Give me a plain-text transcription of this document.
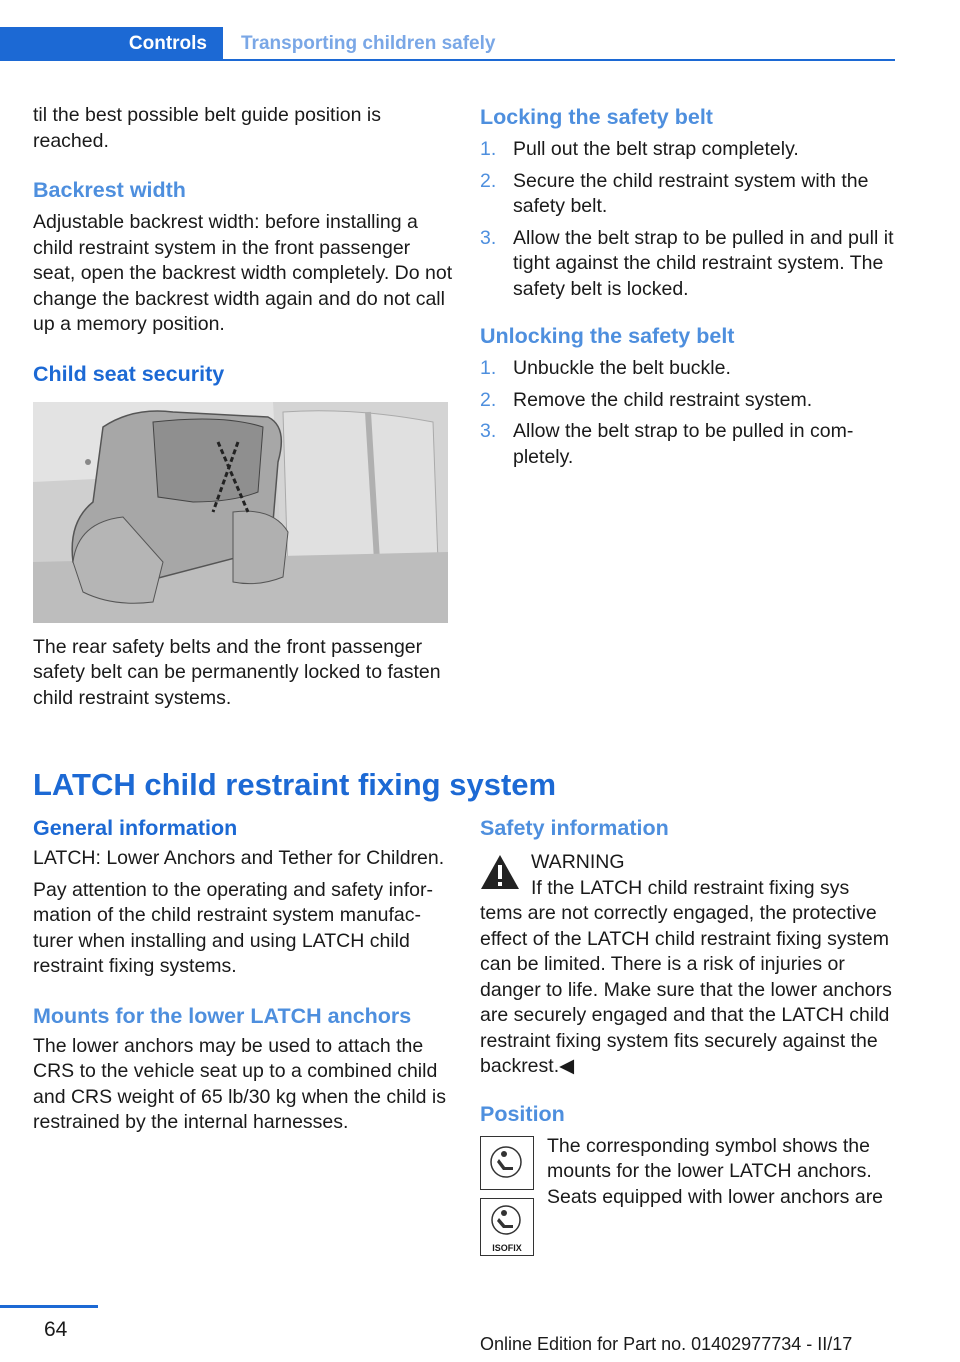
Controls	Transporting children safely

til the best possible belt guide position is reached.

Backrest width

Adjustable backrest width: before installing a child restraint system in the front passenger seat, open the backrest width completely. Do not change the backrest width again and do not call up a memory position.

Child seat security

The rear safety belts and the front passenger safety belt can be permanently locked to fasten child restraint systems.

Locking the safety belt
1. Pull out the belt strap completely.
2. Secure the child restraint system with the safety belt.
3. Allow the belt strap to be pulled in and pull it tight against the child restraint system. The safety belt is locked.
Unlocking the safety belt
1. Unbuckle the belt buckle.
2. Remove the child restraint system.
3. Allow the belt strap to be pulled in completely.
LATCH child restraint fixing system
General information

LATCH: Lower Anchors and Tether for Children.

Pay attention to the operating and safety information of the child restraint system manufacturer when installing and using LATCH child restraint fixing systems.

Mounts for the lower LATCH anchors

The lower anchors may be used to attach the CRS to the vehicle seat up to a combined child and CRS weight of 65 lb/30 kg when the child is restrained by the internal harnesses.

Safety information
WARNING
If the LATCH child restraint fixing sys
tems are not correctly engaged, the protective effect of the LATCH child restraint fixing system can be limited. There is a risk of injuries or danger to life. Make sure that the lower anchors are securely engaged and that the LATCH child restraint fixing system fits securely against the backrest.◀
Position
ISOFIX
The corresponding symbol shows the mounts for the lower LATCH anchors. Seats equipped with lower anchors are
64
Online Edition for Part no. 01402977734 - II/17
